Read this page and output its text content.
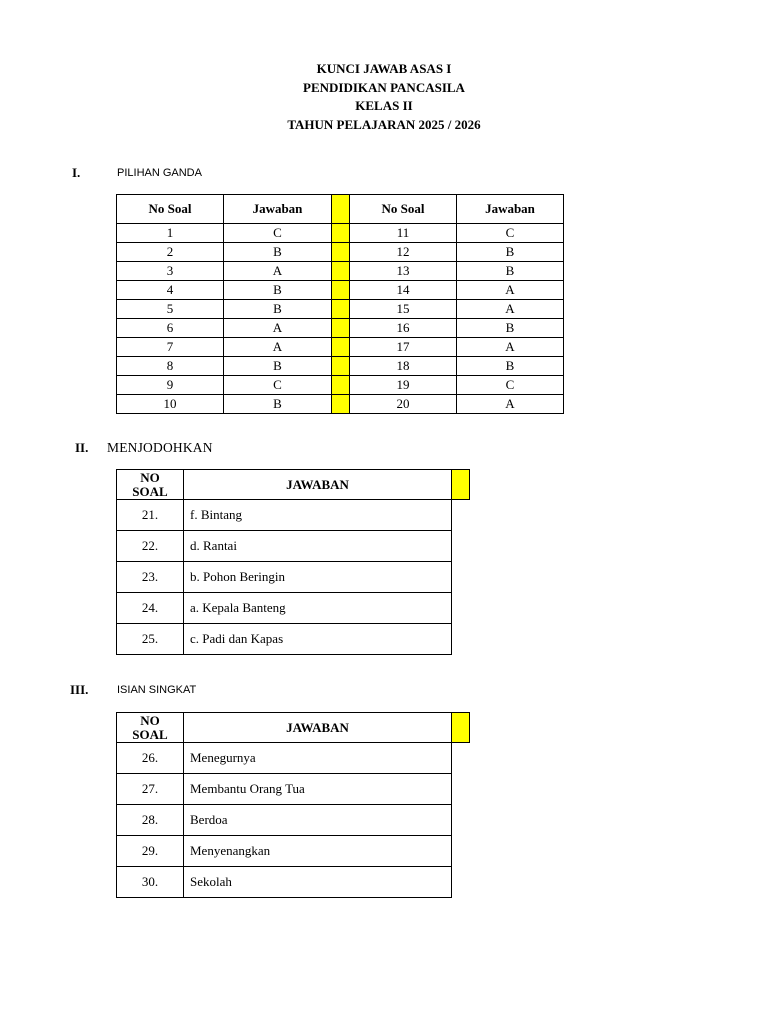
KUNCI JAWAB ASAS I
PENDIDIKAN PANCASILA
KELAS II
TAHUN PELAJARAN 2025 / 2026
I.	PILIHAN GANDA
No Soal	Jawaban		No Soal	Jawaban
1	C		11	C
2	B		12	B
3	A		13	B
4	B		14	A
5	B		15	A
6	A		16	B
7	A		17	A
8	B		18	B
9	C		19	C
10	B		20	A
II. MENJODOHKAN
NO
SOAL	JAWABAN	
21.	f. Bintang	
22.	d. Rantai	
23.	b. Pohon Beringin	
24.	a. Kepala Banteng	
25.	c. Padi dan Kapas	
III.	ISIAN SINGKAT
NO
SOAL	JAWABAN	
26.	Menegurnya	
27.	Membantu Orang Tua	
28.	Berdoa	
29.	Menyenangkan	
30.	Sekolah	
